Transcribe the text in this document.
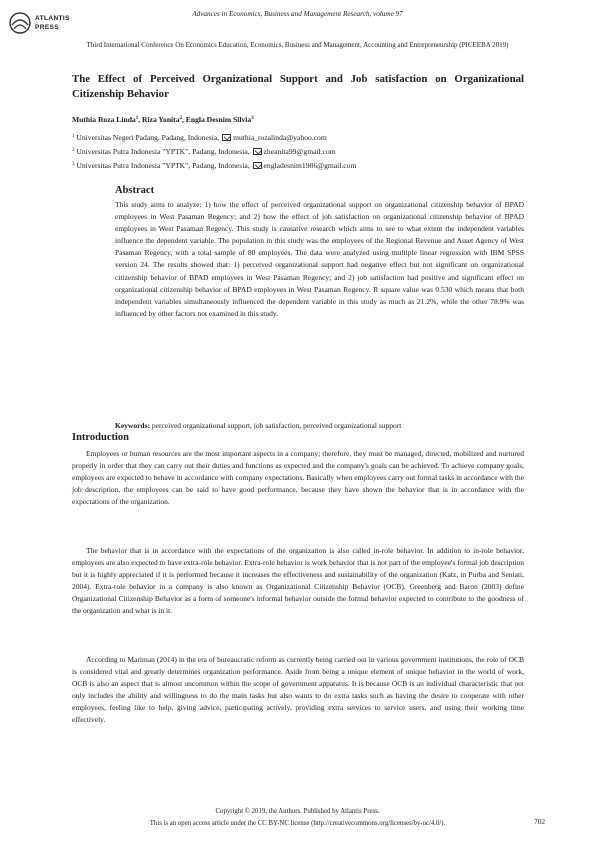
ATLANTIS
PRESS
Advances in Economics, Business and Management Research, volume 97
Third International Conference On Economics Education, Economics, Business and Management, Accounting and Entrepreneurship (PICEEBA 2019)
The Effect of Perceived Organizational Support and Job satisfaction on Organizational Citizenship Behavior
Muthia Roza Linda$^1$, Riza Yonita$^2$, Engla Desnim Silvia$^3$
$^1$ Universitas Negeri Padang, Padang, Indonesia, muthia_rozalinda@yahoo.com
$^2$ Universitas Putra Indonesia "YPTK", Padang, Indonesia, zheanita99@gmail.com
$^3$ Universitas Putra Indonesia "YPTK", Padang, Indonesia, engladesnim1986@gmail.com
Abstract

This study aims to analyze: 1) how the effect of perceived organizational support on organizational citizenship behavior of BPAD employees in West Pasaman Regency; and 2) how the effect of job satisfaction on organizational citizenship behavior of BPAD employees in West Pasaman Regency. This study is causative research which aims to see to what extent the independent variables influence the dependent variable. The population in this study was the employees of the Regional Revenue and Asset Agency of West Pasaman Regency, with a total sample of 80 employees. The data were analyzed using multiple linear regression with IBM SPSS version 24. The results showed that: 1) perceived organizational support had negative effect but not significant on organizational citizenship behavior of BPAD employees in West Pasaman Regency; and 2) job satisfaction had positive and significant effect on organizational citizenship behavior of BPAD employees in West Pasaman Regency. R square value was 0.530 which means that both independent variables simultaneously influenced the dependent variable in this study as much as 21.2%, while the other 78.9% was influenced by other factors not examined in this study.

Keywords: perceived organizational support, job satisfaction, perceived organizational support

Introduction

Employees or human resources are the most important aspects in a company; therefore, they must be managed, directed, mobilized and nurtured properly in order that they can carry out their duties and functions as expected and the company's goals can be achieved. To achieve company goals, employees are expected to behave in accordance with company expectations. Basically when employees carry out formal tasks in accordance with the job description, the employees can be said to have good performance, because they have shown the behavior that is in accordance with the expectations of the organization.

The behavior that is in accordance with the expectations of the organization is also called in-role behavior. In addition to in-role behavior, employees are also expected to have extra-role behavior. Extra-role behavior is work behavior that is not part of the employee's formal job description but it is highly appreciated if it is performed because it increases the effectiveness and sustainability of the organization (Katz, in Purba and Seniati, 2004). Extra-role behavior in a company is also known as Organizational Citizenship Behavior (OCB). Greenberg and Baron (2003) define Organizational Citizenship Behavior as a form of someone's informal behavior outside the formal behavior expected to contribute to the goodness of the organization and what is in it.

According to Mariman (2014) in the era of bureaucratic reform as currently being carried out in various government institutions, the role of OCB is considered vital and greatly determines organization performance. Aside from being a unique element of unique behavior in the world of work, OCB is also an aspect that is almost uncommon within the scope of government apparatus. It is because OCB is an individual characteristic that not only includes the ability and willingness to do the main tasks but also wants to do extra tasks such as having the desire to cooperate with other employees, feeling like to help, giving advice, participating actively, providing extra services to service users, and using their working time effectively.

Copyright © 2019, the Authors. Published by Atlantis Press.
This is an open access article under the CC BY-NC license (http://creativecommons.org/licenses/by-nc/4.0/).	702
